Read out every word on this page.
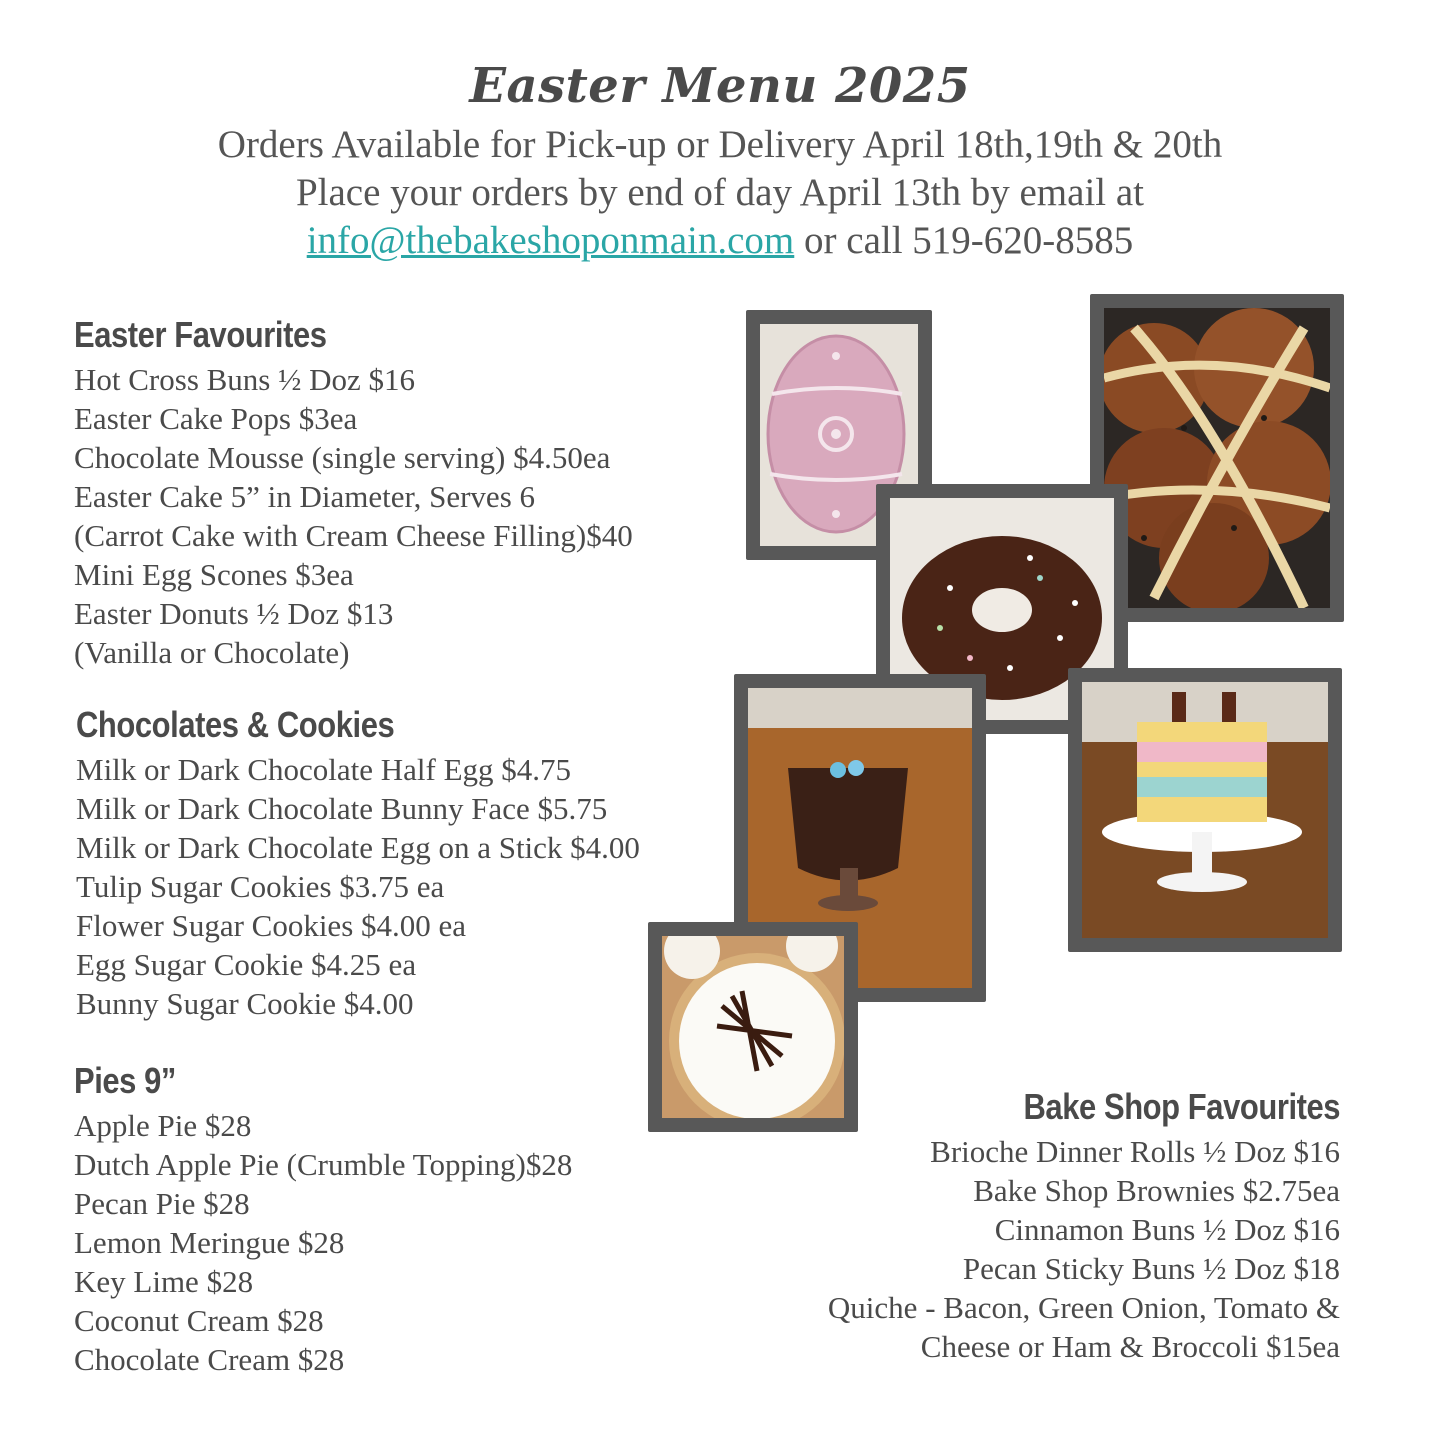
Easter Menu 2025
Orders Available for Pick-up or Delivery April 18th,19th & 20th
Place your orders by end of day April 13th by email at
info@thebakeshoponmain.com or call 519-620-8585
Easter Favourites
Hot Cross Buns ½ Doz $16
Easter Cake Pops $3ea
Chocolate Mousse (single serving) $4.50ea
Easter Cake 5” in Diameter, Serves 6
(Carrot Cake with Cream Cheese Filling)$40
Mini Egg Scones $3ea
Easter Donuts ½ Doz $13
(Vanilla or Chocolate)
Chocolates & Cookies
Milk or Dark Chocolate Half Egg $4.75
Milk or Dark Chocolate Bunny Face $5.75
Milk or Dark Chocolate Egg on a Stick $4.00
Tulip Sugar Cookies $3.75 ea
Flower Sugar Cookies $4.00 ea
Egg Sugar Cookie $4.25 ea
Bunny Sugar Cookie $4.00
Pies 9”
Apple Pie $28
Dutch Apple Pie (Crumble Topping)$28
Pecan Pie $28
Lemon Meringue $28
Key Lime $28
Coconut Cream $28
Chocolate Cream $28
Bake Shop Favourites
Brioche Dinner Rolls ½ Doz $16
Bake Shop Brownies $2.75ea
Cinnamon Buns ½ Doz $16
Pecan Sticky Buns ½ Doz $18
Quiche - Bacon, Green Onion, Tomato &
Cheese or Ham & Broccoli $15ea
